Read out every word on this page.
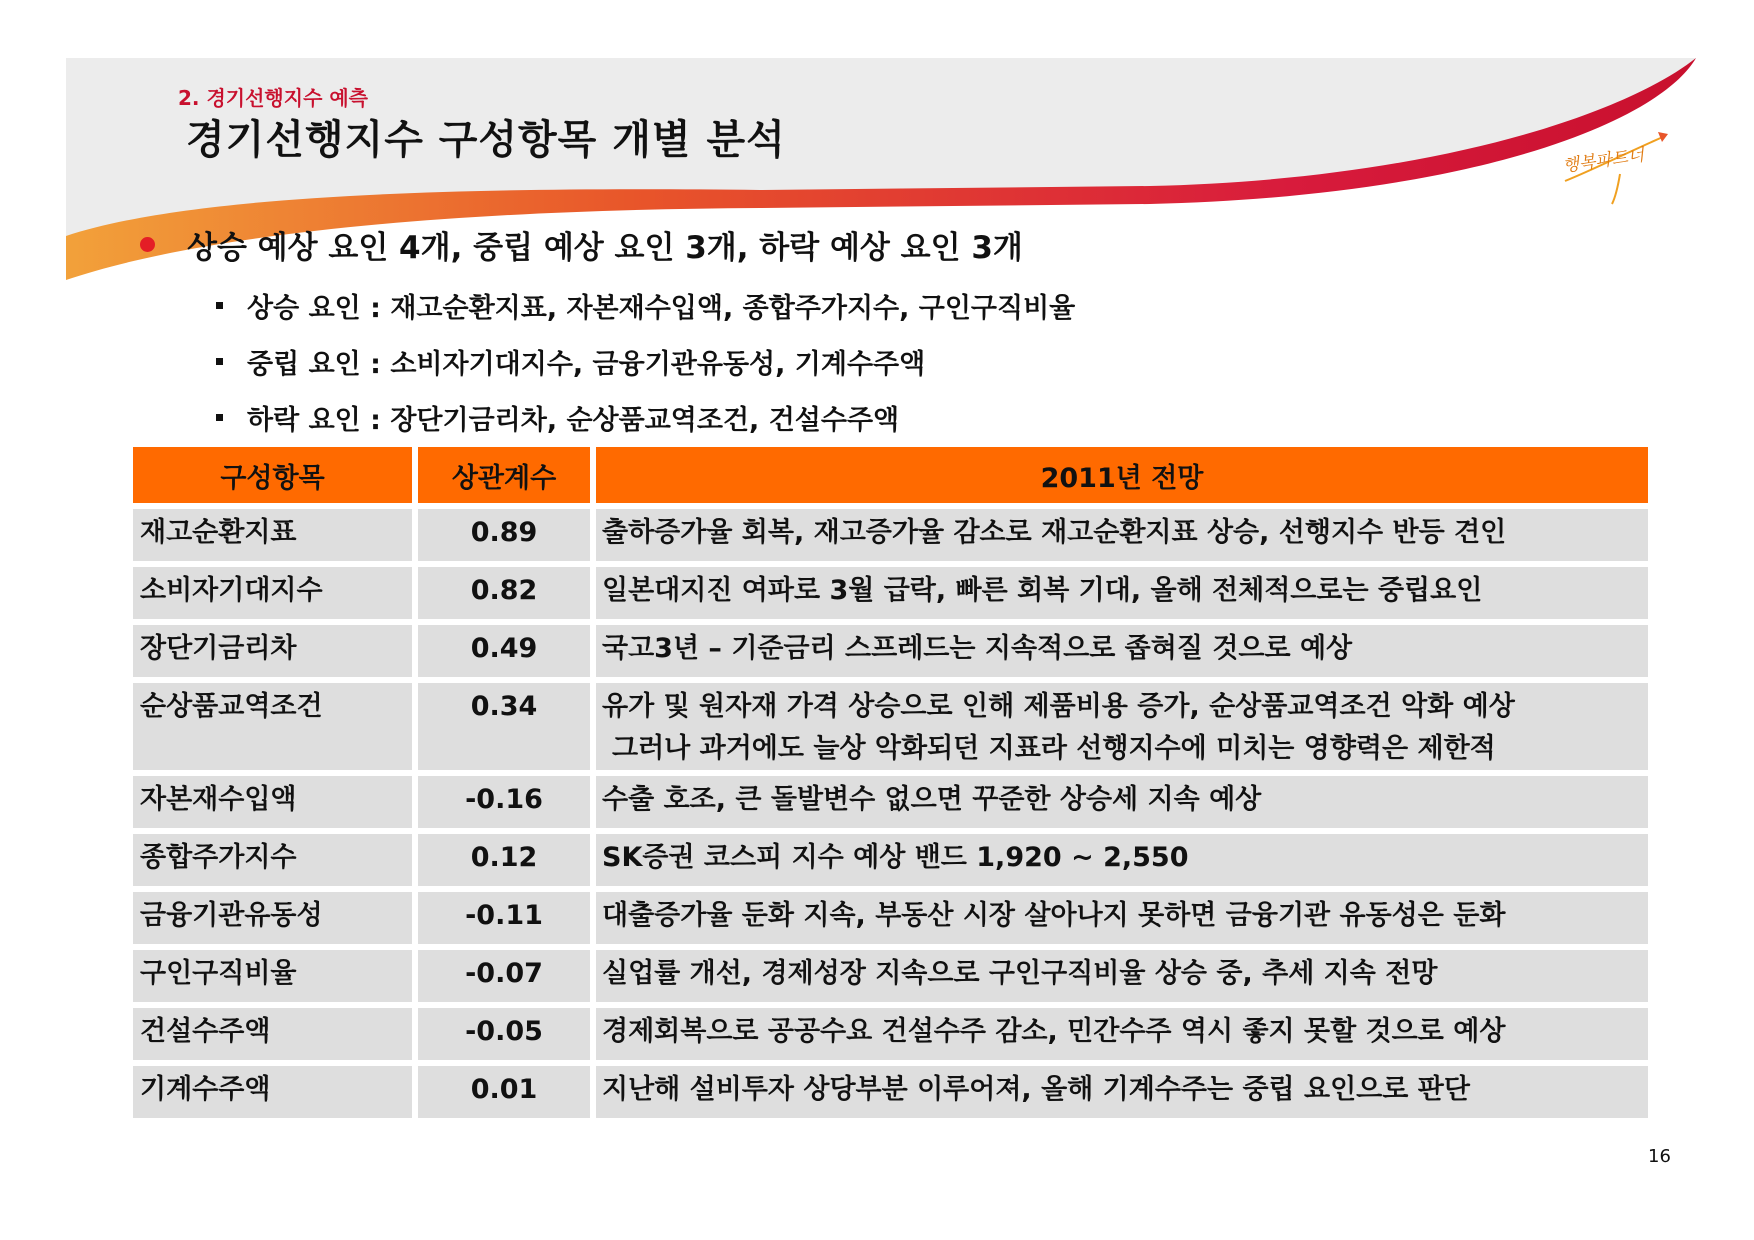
2. 경기선행지수 예측
경기선행지수 구성항목 개별 분석	행복파트너
상승 예상 요인 4개, 중립 예상 요인 3개, 하락 예상 요인 3개
상승 요인 : 재고순환지표, 자본재수입액, 종합주가지수, 구인구직비율
중립 요인 : 소비자기대지수, 금융기관유동성, 기계수주액
하락 요인 : 장단기금리차, 순상품교역조건, 건설수주액
구성항목	상관계수	2011년 전망
재고순환지표	0.89	출하증가율 회복, 재고증가율 감소로 재고순환지표 상승, 선행지수 반등 견인
소비자기대지수	0.82	일본대지진 여파로 3월 급락, 빠른 회복 기대, 올해 전체적으로는 중립요인
장단기금리차	0.49	국고3년 – 기준금리 스프레드는 지속적으로 좁혀질 것으로 예상
순상품교역조건	0.34	유가 및 원자재 가격 상승으로 인해 제품비용 증가, 순상품교역조건 악화 예상
그러나 과거에도 늘상 악화되던 지표라 선행지수에 미치는 영향력은 제한적
자본재수입액	-0.16	수출 호조, 큰 돌발변수 없으면 꾸준한 상승세 지속 예상
종합주가지수	0.12	SK증권 코스피 지수 예상 밴드 1,920 ~ 2,550
금융기관유동성	-0.11	대출증가율 둔화 지속, 부동산 시장 살아나지 못하면 금융기관 유동성은 둔화
구인구직비율	-0.07	실업률 개선, 경제성장 지속으로 구인구직비율 상승 중, 추세 지속 전망
건설수주액	-0.05	경제회복으로 공공수요 건설수주 감소, 민간수주 역시 좋지 못할 것으로 예상
기계수주액	0.01	지난해 설비투자 상당부분 이루어져, 올해 기계수주는 중립 요인으로 판단
16
